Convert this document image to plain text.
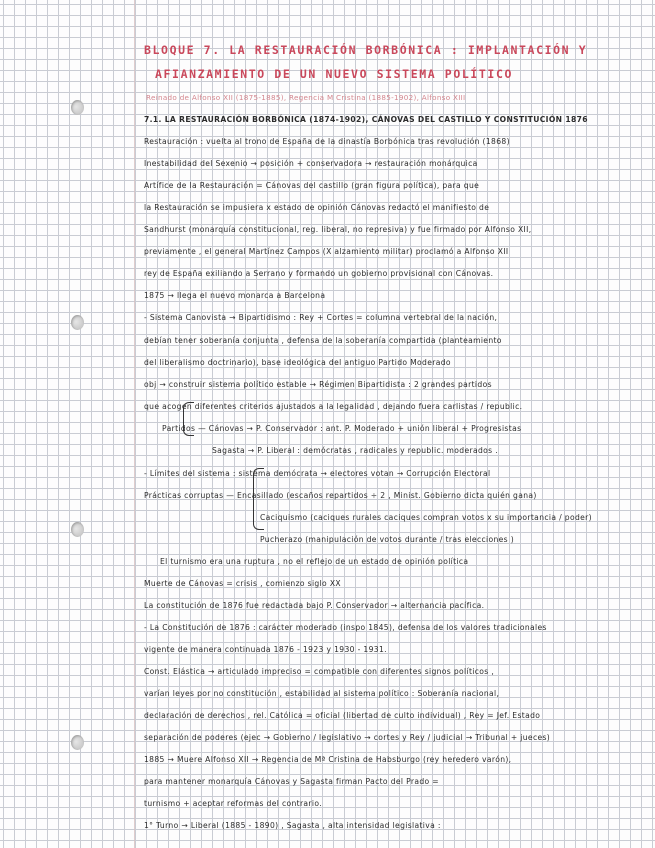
BLOQUE 7. LA RESTAURACIÓN BORBÓNICA : IMPLANTACIÓN Y
AFIANZAMIENTO DE UN NUEVO SISTEMA POLÍTICO
Reinado de Alfonso XII (1875-1885), Regencia M Cristina (1885-1902), Alfonso XIII
7.1. LA RESTAURACIÓN BORBÓNICA (1874-1902), CÁNOVAS DEL CASTILLO Y CONSTITUCIÓN 1876
Restauración : vuelta al trono de España de la dinastía Borbónica tras revolución (1868)
Inestabilidad del Sexenio → posición + conservadora → restauración monárquica
Artífice de la Restauración = Cánovas del castillo (gran figura política), para que
la Restauración se impusiera x estado de opinión Cánovas redactó el manifiesto de
Sandhurst (monarquía constitucional, reg. liberal, no represiva) y fue firmado por Alfonso XII,
previamente , el general Martínez Campos (X alzamiento militar) proclamó a Alfonso XII
rey de España exiliando a Serrano y formando un gobierno provisional con Cánovas.
1875 → llega el nuevo monarca a Barcelona
- Sistema Canovista → Bipartidismo : Rey + Cortes = columna vertebral de la nación,
debían tener soberanía conjunta , defensa de la soberanía compartida (planteamiento
del liberalismo doctrinario), base ideológica del antiguo Partido Moderado
obj → construir sistema político estable → Régimen Bipartidista : 2 grandes partidos
que acogen diferentes criterios ajustados a la legalidad , dejando fuera carlistas / republic.
Partidos — Cánovas → P. Conservador : ant. P. Moderado + unión liberal + Progresistas
Sagasta → P. Liberal : demócratas , radicales y republic. moderados .
- Límites del sistema : sistema demócrata → electores votan → Corrupción Electoral
Prácticas corruptas — Encasillado (escaños repartidos ÷ 2 , Minist. Gobierno dicta quién gana)
Caciquismo (caciques rurales caciques compran votos x su importancia / poder)
Pucherazo (manipulación de votos durante / tras elecciones )
El turnismo era una ruptura , no el reflejo de un estado de opinión política
Muerte de Cánovas = crisis , comienzo siglo XX
La constitución de 1876 fue redactada bajo P. Conservador → alternancia pacífica.
- La Constitución de 1876 : carácter moderado (inspo 1845), defensa de los valores tradicionales
vigente de manera continuada 1876 - 1923 y 1930 - 1931.
Const. Elástica → articulado impreciso = compatible con diferentes signos políticos ,
varían leyes por no constitución , estabilidad al sistema político : Soberanía nacional,
declaración de derechos , rel. Católica = oficial (libertad de culto individual) , Rey = Jef. Estado
separación de poderes (ejec → Gobierno / legislativo → cortes y Rey / judicial → Tribunal + jueces)
1885 → Muere Alfonso XII → Regencia de Mª Cristina de Habsburgo (rey heredero varón),
para mantener monarquía Cánovas y Sagasta firman Pacto del Prado =
turnismo + aceptar reformas del contrario.
1° Turno → Liberal (1885 - 1890) , Sagasta , alta intensidad legislativa :
